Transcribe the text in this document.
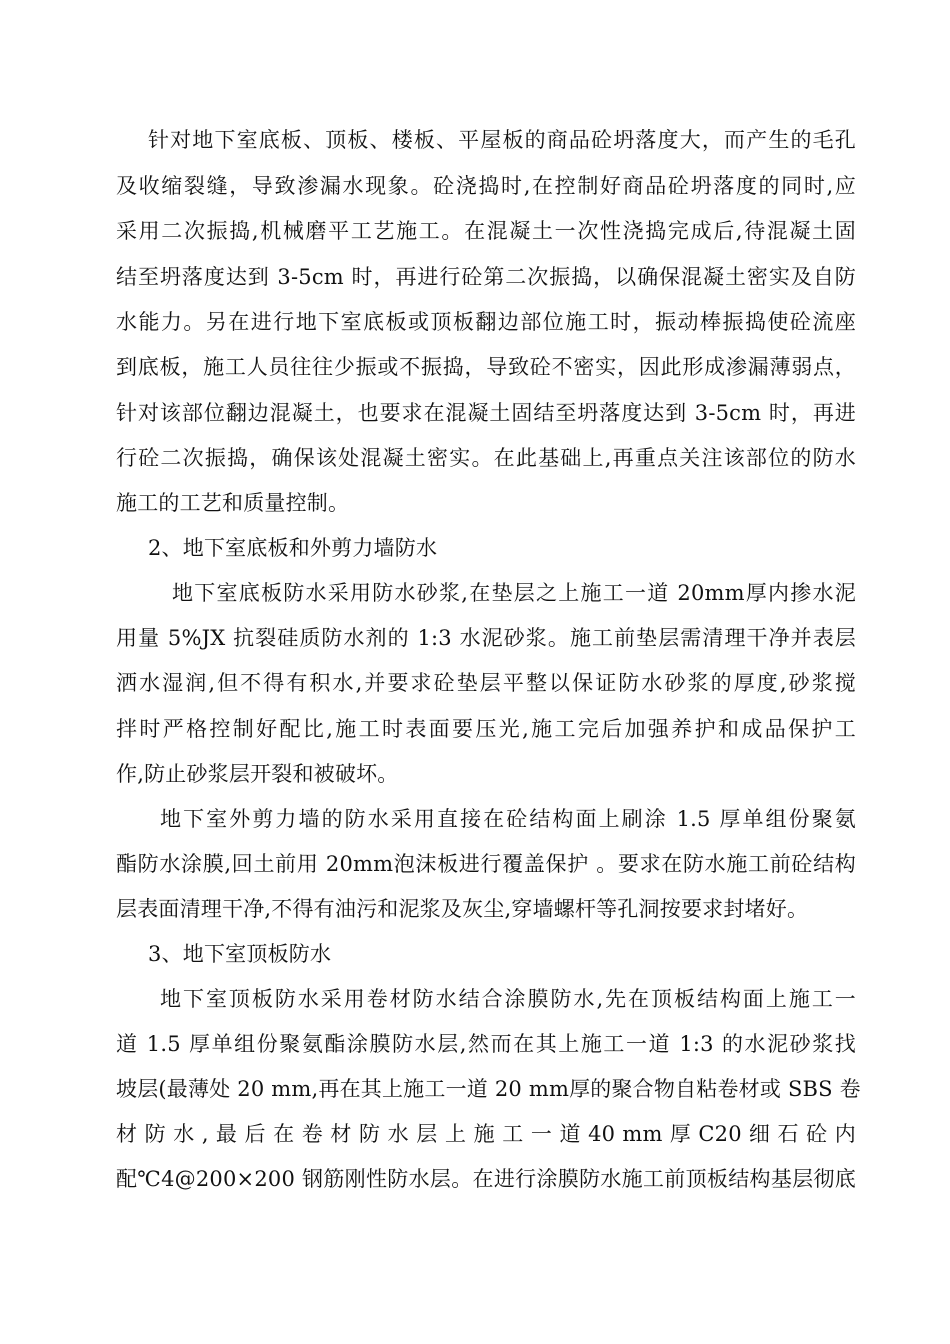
针对地下室底板、顶板、楼板、平屋板的商品砼坍落度大，而产生的毛孔
及收缩裂缝，导致渗漏水现象。砼浇捣时,在控制好商品砼坍落度的同时,应
采用二次振捣,机械磨平工艺施工。在混凝土一次性浇捣完成后,待混凝土固
结至坍落度达到 3-5cm 时，再进行砼第二次振捣，以确保混凝土密实及自防
水能力。另在进行地下室底板或顶板翻边部位施工时，振动棒振捣使砼流座
到底板，施工人员往往少振或不振捣，导致砼不密实，因此形成渗漏薄弱点，
针对该部位翻边混凝土，也要求在混凝土固结至坍落度达到 3-5cm 时，再进
行砼二次振捣，确保该处混凝土密实。在此基础上,再重点关注该部位的防水
施工的工艺和质量控制。
2、地下室底板和外剪力墙防水
地下室底板防水采用防水砂浆,在垫层之上施工一道 20mm厚内掺水泥
用量 5%JX 抗裂硅质防水剂的 1:3 水泥砂浆。施工前垫层需清理干净并表层
洒水湿润,但不得有积水,并要求砼垫层平整以保证防水砂浆的厚度,砂浆搅
拌时严格控制好配比,施工时表面要压光,施工完后加强养护和成品保护工
作,防止砂浆层开裂和被破坏。
地下室外剪力墙的防水采用直接在砼结构面上刷涂 1.5 厚单组份聚氨
酯防水涂膜,回土前用 20mm泡沫板进行覆盖保护 。要求在防水施工前砼结构
层表面清理干净,不得有油污和泥浆及灰尘,穿墙螺杆等孔洞按要求封堵好。
3、地下室顶板防水
地下室顶板防水采用卷材防水结合涂膜防水,先在顶板结构面上施工一
道 1.5 厚单组份聚氨酯涂膜防水层,然而在其上施工一道 1:3 的水泥砂浆找
坡层(最薄处 20 mm,再在其上施工一道 20 mm厚的聚合物自粘卷材或 SBS 卷
材 防 水 , 最 后 在 卷 材 防 水 层 上 施 工 一 道 40 mm 厚 C20 细 石 砼 内
配℃4@200×200 钢筋刚性防水层。在进行涂膜防水施工前顶板结构基层彻底
